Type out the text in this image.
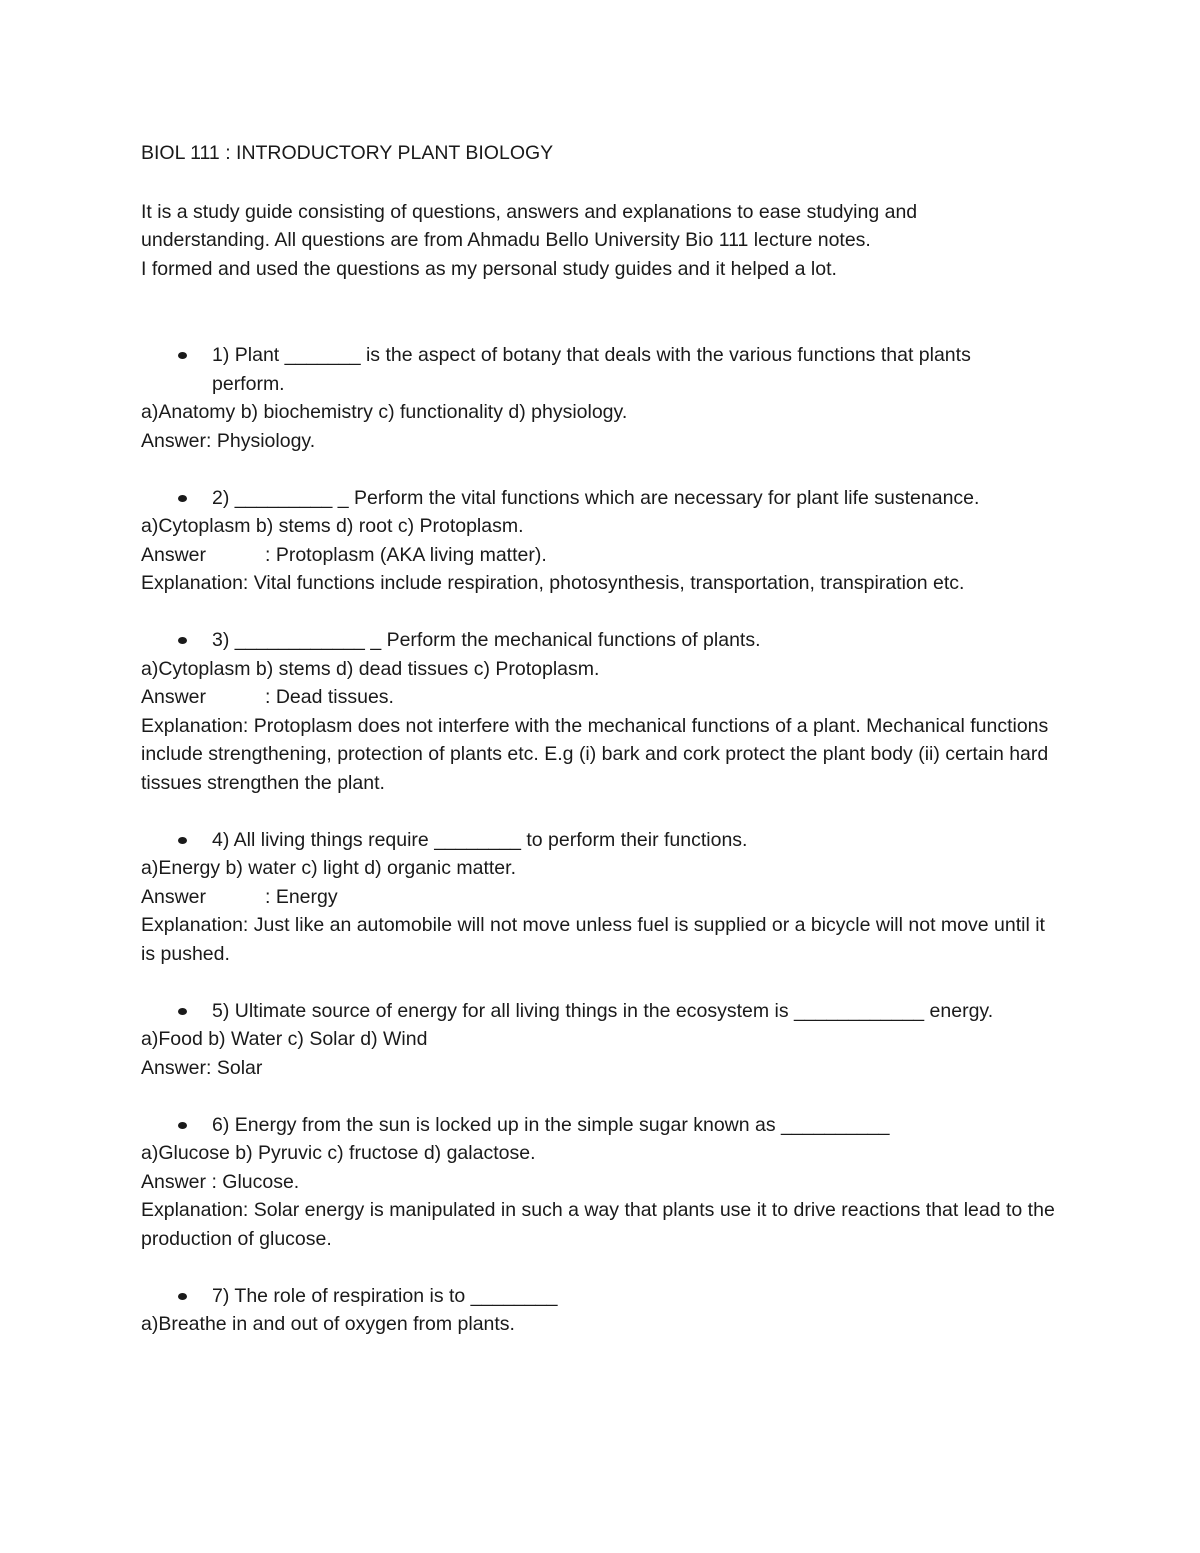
BIOL 111 : INTRODUCTORY PLANT BIOLOGY

It is a study guide consisting of questions, answers and explanations to ease studying and

understanding. All questions are from Ahmadu Bello University Bio 111 lecture notes.

I formed and used the questions as my personal study guides and it helped a lot.

1) Plant _______ is the aspect of botany that deals with the various functions that plants perform.

a)Anatomy b) biochemistry c) functionality d) physiology.

Answer: Physiology.

2) _________ _ Perform the vital functions which are necessary for plant life sustenance.

a)Cytoplasm b) stems d) root c) Protoplasm.

Answer	: Protoplasm (AKA living matter).

Explanation: Vital functions include respiration, photosynthesis, transportation, transpiration etc.

3) ____________ _ Perform the mechanical functions of plants.

a)Cytoplasm b) stems d) dead tissues c) Protoplasm.

Answer	: Dead tissues.

Explanation: Protoplasm does not interfere with the mechanical functions of a plant. Mechanical functions include strengthening, protection of plants etc. E.g (i) bark and cork protect the plant body (ii) certain hard tissues strengthen the plant.

4) All living things require ________ to perform their functions.

a)Energy b) water c) light d) organic matter.

Answer	: Energy

Explanation: Just like an automobile will not move unless fuel is supplied or a bicycle will not move until it is pushed.

5) Ultimate source of energy for all living things in the ecosystem is ____________ energy.

a)Food b) Water c) Solar d) Wind

Answer: Solar

6) Energy from the sun is locked up in the simple sugar known as __________

a)Glucose b) Pyruvic c) fructose d) galactose.

Answer : Glucose.

Explanation: Solar energy is manipulated in such a way that plants use it to drive reactions that lead to the production of glucose.

7) The role of respiration is to ________

a)Breathe in and out of oxygen from plants.
